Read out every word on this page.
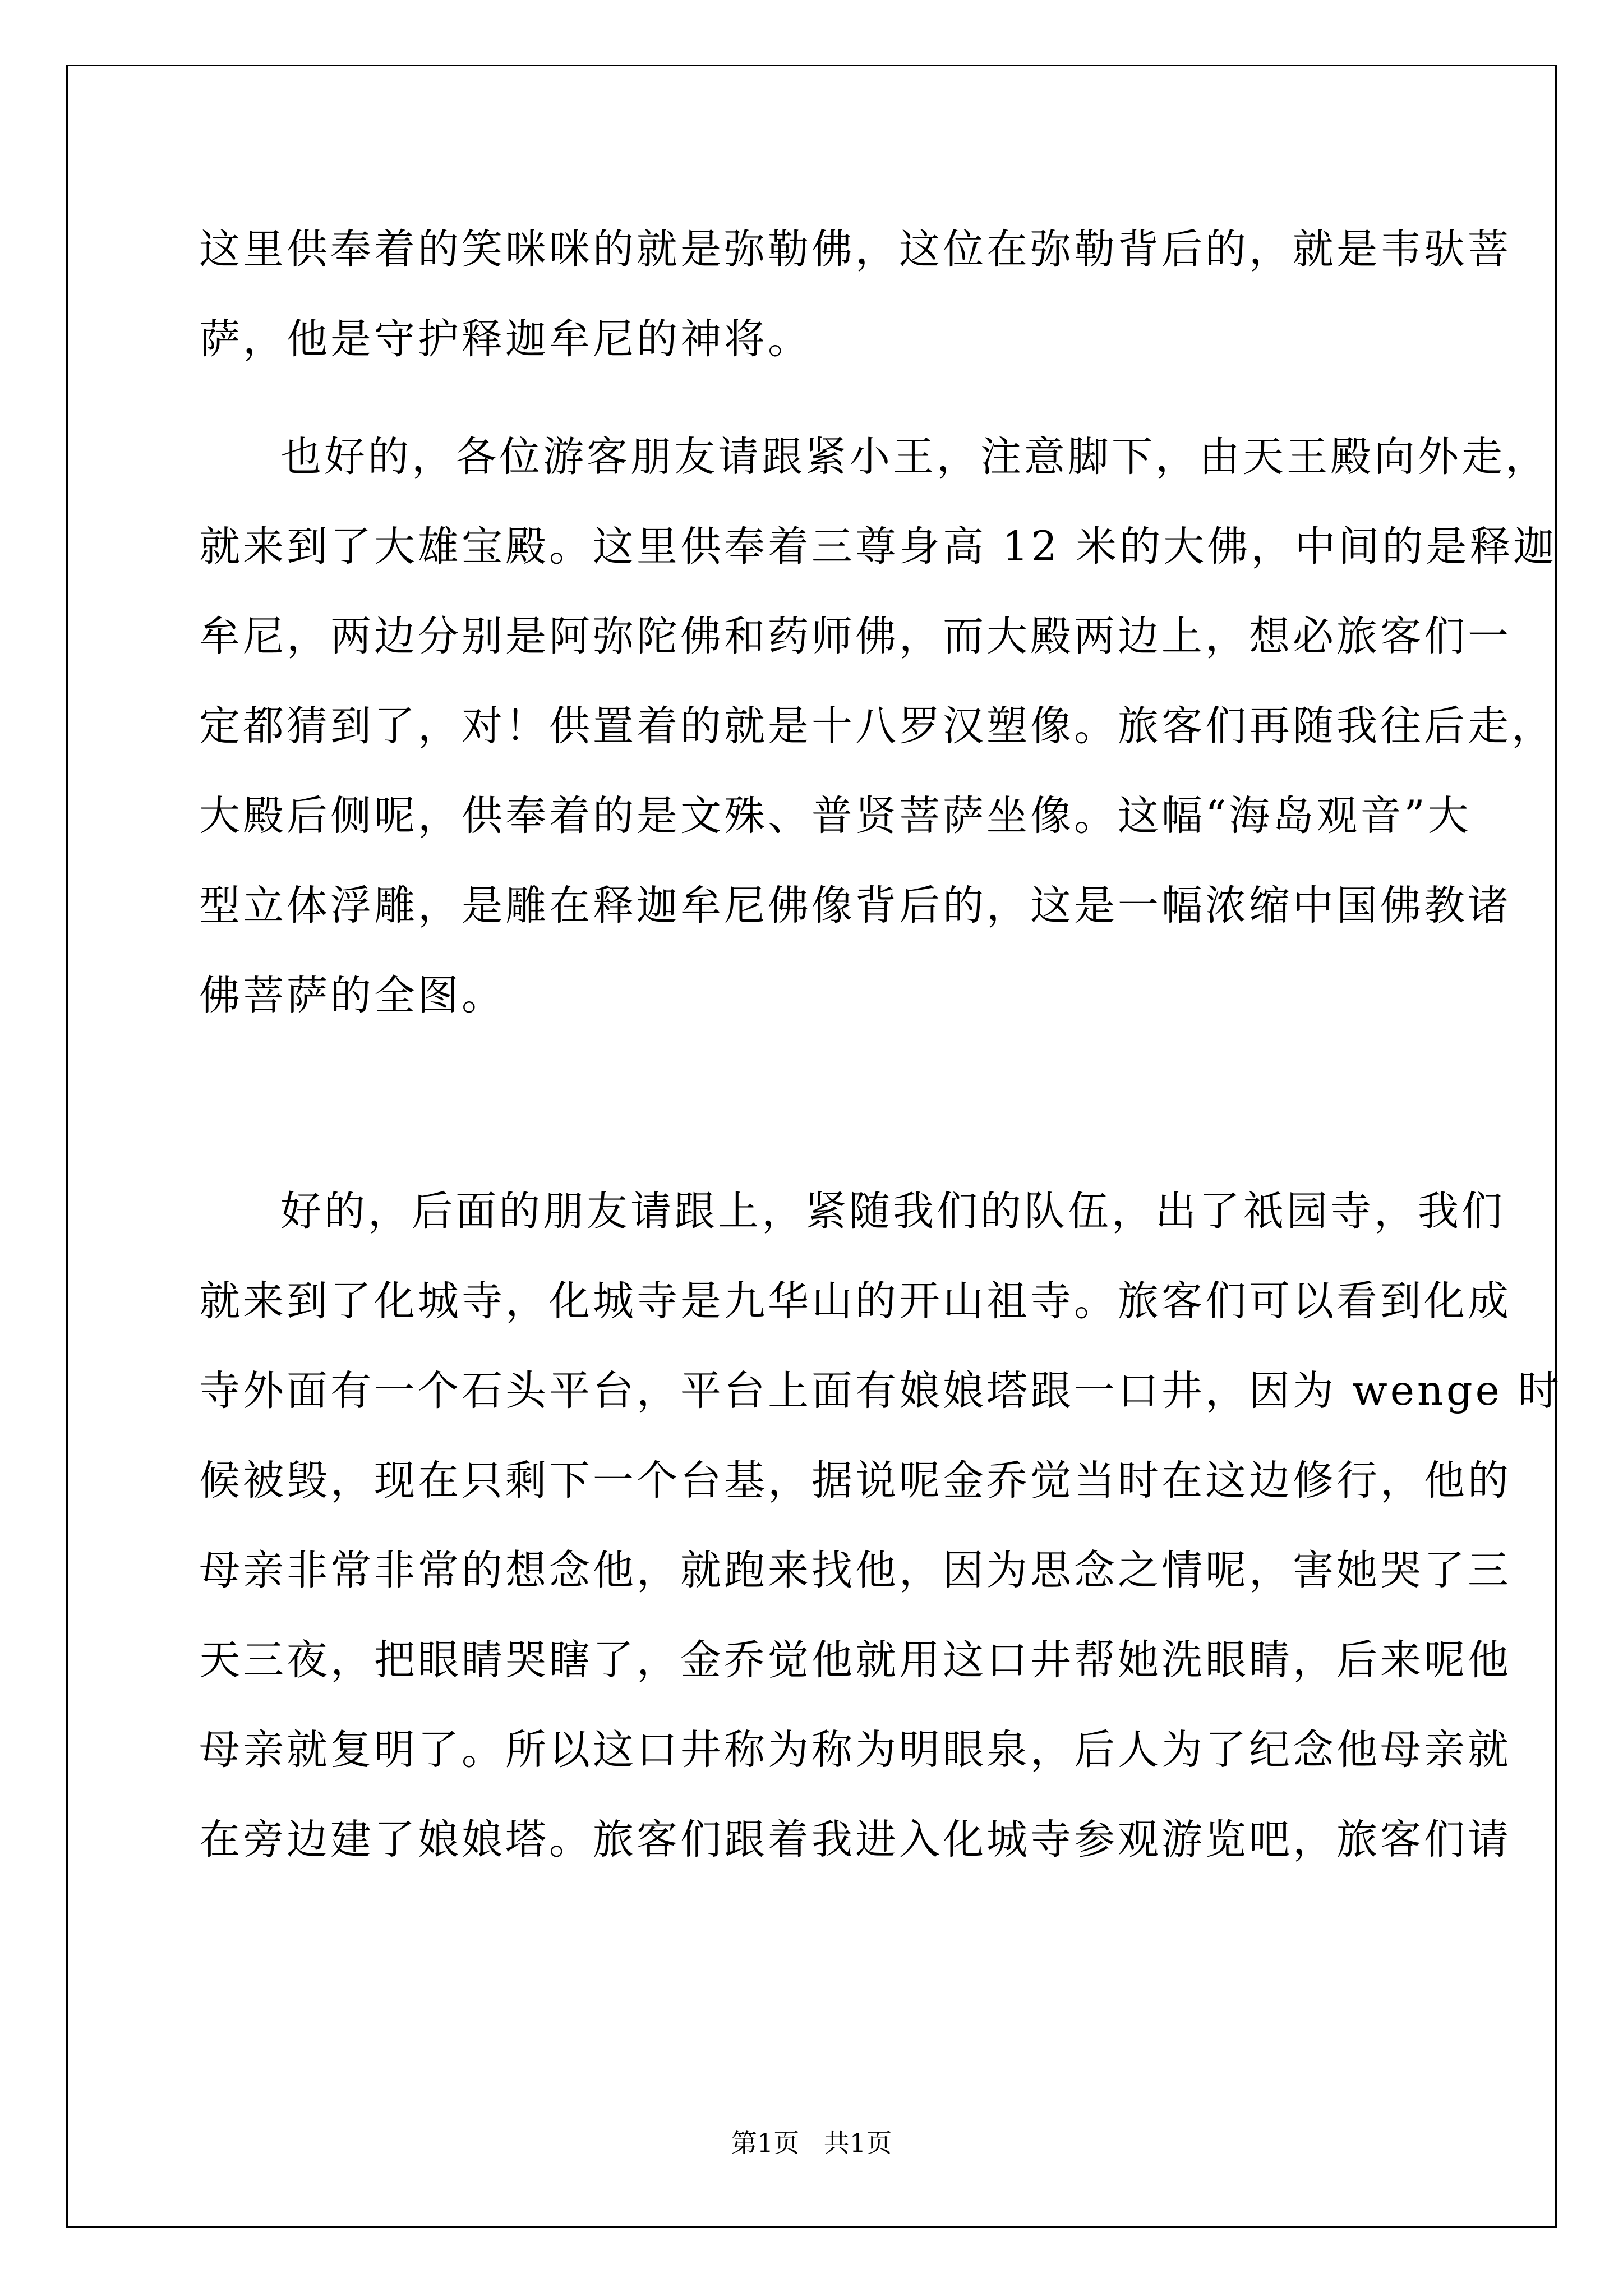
这里供奉着的笑咪咪的就是弥勒佛，这位在弥勒背后的，就是韦驮菩
萨，他是守护释迦牟尼的神将。
也好的，各位游客朋友请跟紧小王，注意脚下，由天王殿向外走，
就来到了大雄宝殿。这里供奉着三尊身高 12 米的大佛，中间的是释迦
牟尼，两边分别是阿弥陀佛和药师佛，而大殿两边上，想必旅客们一
定都猜到了，对！供置着的就是十八罗汉塑像。旅客们再随我往后走，
大殿后侧呢，供奉着的是文殊、普贤菩萨坐像。这幅“海岛观音”大
型立体浮雕，是雕在释迦牟尼佛像背后的，这是一幅浓缩中国佛教诸
佛菩萨的全图。
好的，后面的朋友请跟上，紧随我们的队伍，出了祇园寺，我们
就来到了化城寺，化城寺是九华山的开山祖寺。旅客们可以看到化成
寺外面有一个石头平台，平台上面有娘娘塔跟一口井，因为 wenge 时
候被毁，现在只剩下一个台基，据说呢金乔觉当时在这边修行，他的
母亲非常非常的想念他，就跑来找他，因为思念之情呢，害她哭了三
天三夜，把眼睛哭瞎了，金乔觉他就用这口井帮她洗眼睛，后来呢他
母亲就复明了。所以这口井称为称为明眼泉，后人为了纪念他母亲就
在旁边建了娘娘塔。旅客们跟着我进入化城寺参观游览吧，旅客们请
第1页   共1页
